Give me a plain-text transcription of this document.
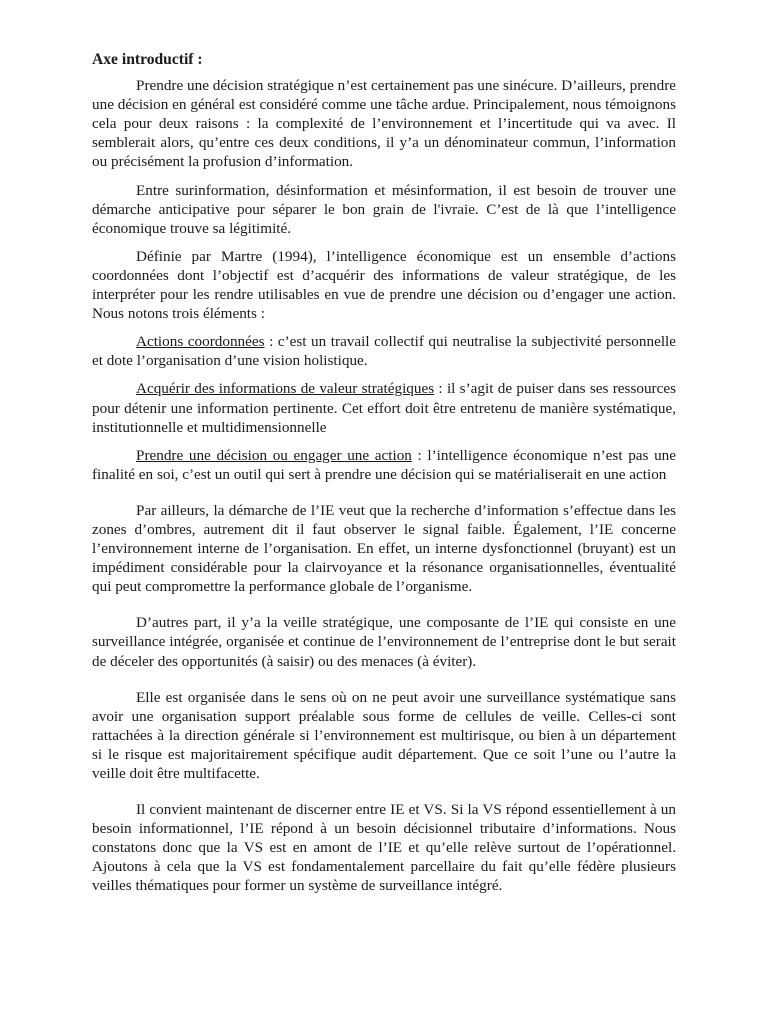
Axe introductif :

Prendre une décision stratégique n’est certainement pas une sinécure. D’ailleurs, prendre une décision en général est considéré comme une tâche ardue. Principalement, nous témoignons cela pour deux raisons : la complexité de l’environnement et l’incertitude qui va avec. Il semblerait alors, qu’entre ces deux conditions, il y’a un dénominateur commun, l’information ou précisément la profusion d’information.

Entre surinformation, désinformation et mésinformation, il est besoin de trouver une démarche anticipative pour séparer le bon grain de l'ivraie. C’est de là que l’intelligence économique trouve sa légitimité.

Définie par Martre (1994), l’intelligence économique est un ensemble d’actions coordonnées dont l’objectif est d’acquérir des informations de valeur stratégique, de les interpréter pour les rendre utilisables en vue de prendre une décision ou d’engager une action. Nous notons trois éléments :

Actions coordonnées : c’est un travail collectif qui neutralise la subjectivité personnelle et dote l’organisation d’une vision holistique.

Acquérir des informations de valeur stratégiques : il s’agit de puiser dans ses ressources pour détenir une information pertinente. Cet effort doit être entretenu de manière systématique, institutionnelle et multidimensionnelle

Prendre une décision ou engager une action : l’intelligence économique n’est pas une finalité en soi, c’est un outil qui sert à prendre une décision qui se matérialiserait en une action

Par ailleurs, la démarche de l’IE veut que la recherche d’information s’effectue dans les zones d’ombres, autrement dit il faut observer le signal faible. Également, l’IE concerne l’environnement interne de l’organisation. En effet, un interne dysfonctionnel (bruyant) est un impédiment considérable pour la clairvoyance et la résonance organisationnelles, éventualité qui peut compromettre la performance globale de l’organisme.

D’autres part, il y’a la veille stratégique, une composante de l’IE qui consiste en une surveillance intégrée, organisée et continue de l’environnement de l’entreprise dont le but serait de déceler des opportunités (à saisir) ou des menaces (à éviter).

Elle est organisée dans le sens où on ne peut avoir une surveillance systématique sans avoir une organisation support préalable sous forme de cellules de veille. Celles-ci sont rattachées à la direction générale si l’environnement est multirisque, ou bien à un département si le risque est majoritairement spécifique audit département. Que ce soit l’une ou l’autre la veille doit être multifacette.

Il convient maintenant de discerner entre IE et VS. Si la VS répond essentiellement à un besoin informationnel, l’IE répond à un besoin décisionnel tributaire d’informations. Nous constatons donc que la VS est en amont de l’IE et qu’elle relève surtout de l’opérationnel. Ajoutons à cela que la VS est fondamentalement parcellaire du fait qu’elle fédère plusieurs veilles thématiques pour former un système de surveillance intégré.
